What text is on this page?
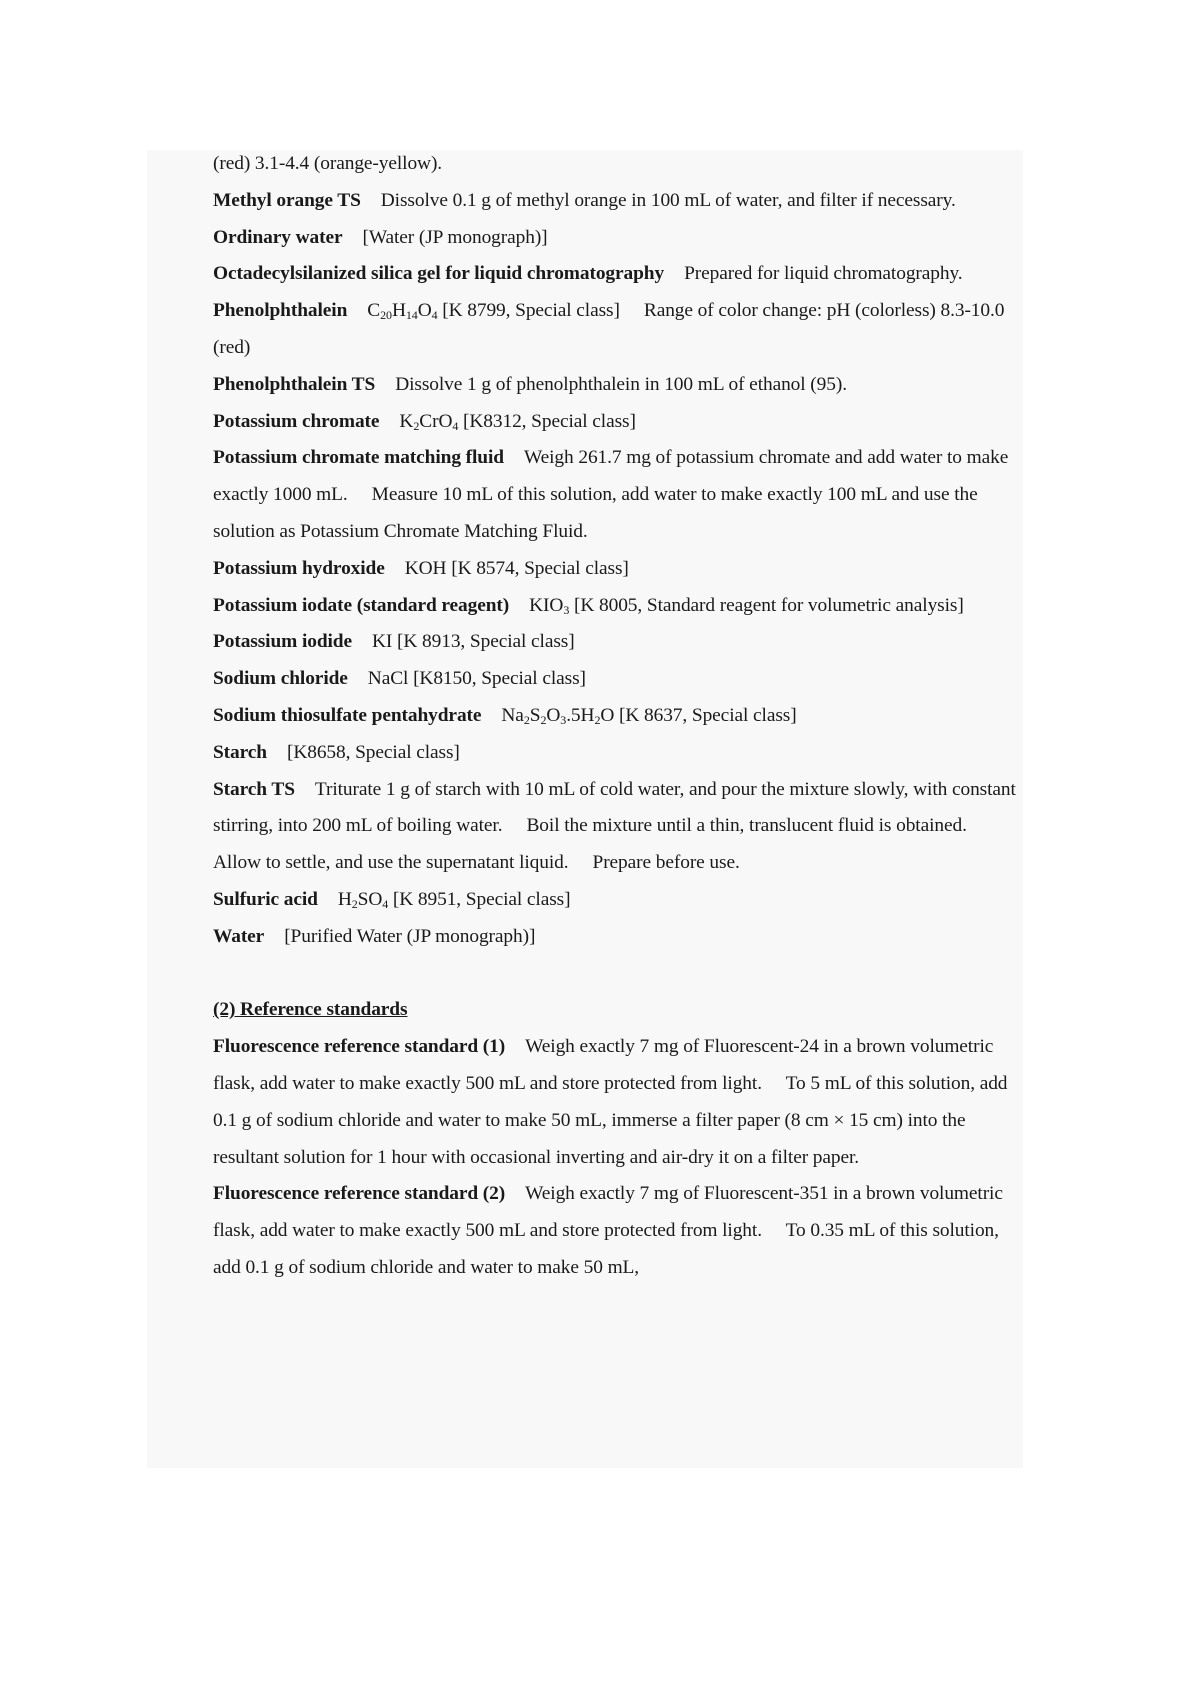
(red) 3.1-4.4 (orange-yellow).

Methyl orange TS Dissolve 0.1 g of methyl orange in 100 mL of water, and filter if necessary.

Ordinary water [Water (JP monograph)]

Octadecylsilanized silica gel for liquid chromatography Prepared for liquid chromatography.

Phenolphthalein $C_{20}H_{14}O_4$ [K 8799, Special class]　 Range of color change: pH (colorless) 8.3-10.0 (red)

Phenolphthalein TS Dissolve 1 g of phenolphthalein in 100 mL of ethanol (95).

Potassium chromate $K_2CrO_4$ [K8312, Special class]

Potassium chromate matching fluid Weigh 261.7 mg of potassium chromate and add water to make exactly 1000 mL.　 Measure 10 mL of this solution, add water to make exactly 100 mL and use the solution as Potassium Chromate Matching Fluid.

Potassium hydroxide KOH [K 8574, Special class]

Potassium iodate (standard reagent) $KIO_3$ [K 8005, Standard reagent for volumetric analysis]

Potassium iodide KI [K 8913, Special class]

Sodium chloride NaCl [K8150, Special class]

Sodium thiosulfate pentahydrate $Na_2S_2O_3.5H_2O$ [K 8637, Special class]

Starch [K8658, Special class]

Starch TS Triturate 1 g of starch with 10 mL of cold water, and pour the mixture slowly, with constant stirring, into 200 mL of boiling water.　 Boil the mixture until a thin, translucent fluid is obtained.　 Allow to settle, and use the supernatant liquid.　 Prepare before use.

Sulfuric acid $H_2SO_4$ [K 8951, Special class]

Water [Purified Water (JP monograph)]

(2) Reference standards

Fluorescence reference standard (1) Weigh exactly 7 mg of Fluorescent-24 in a brown volumetric flask, add water to make exactly 500 mL and store protected from light.　 To 5 mL of this solution, add 0.1 g of sodium chloride and water to make 50 mL, immerse a filter paper (8 cm × 15 cm) into the resultant solution for 1 hour with occasional inverting and air-dry it on a filter paper.

Fluorescence reference standard (2) Weigh exactly 7 mg of Fluorescent-351 in a brown volumetric flask, add water to make exactly 500 mL and store protected from light.　 To 0.35 mL of this solution, add 0.1 g of sodium chloride and water to make 50 mL,
